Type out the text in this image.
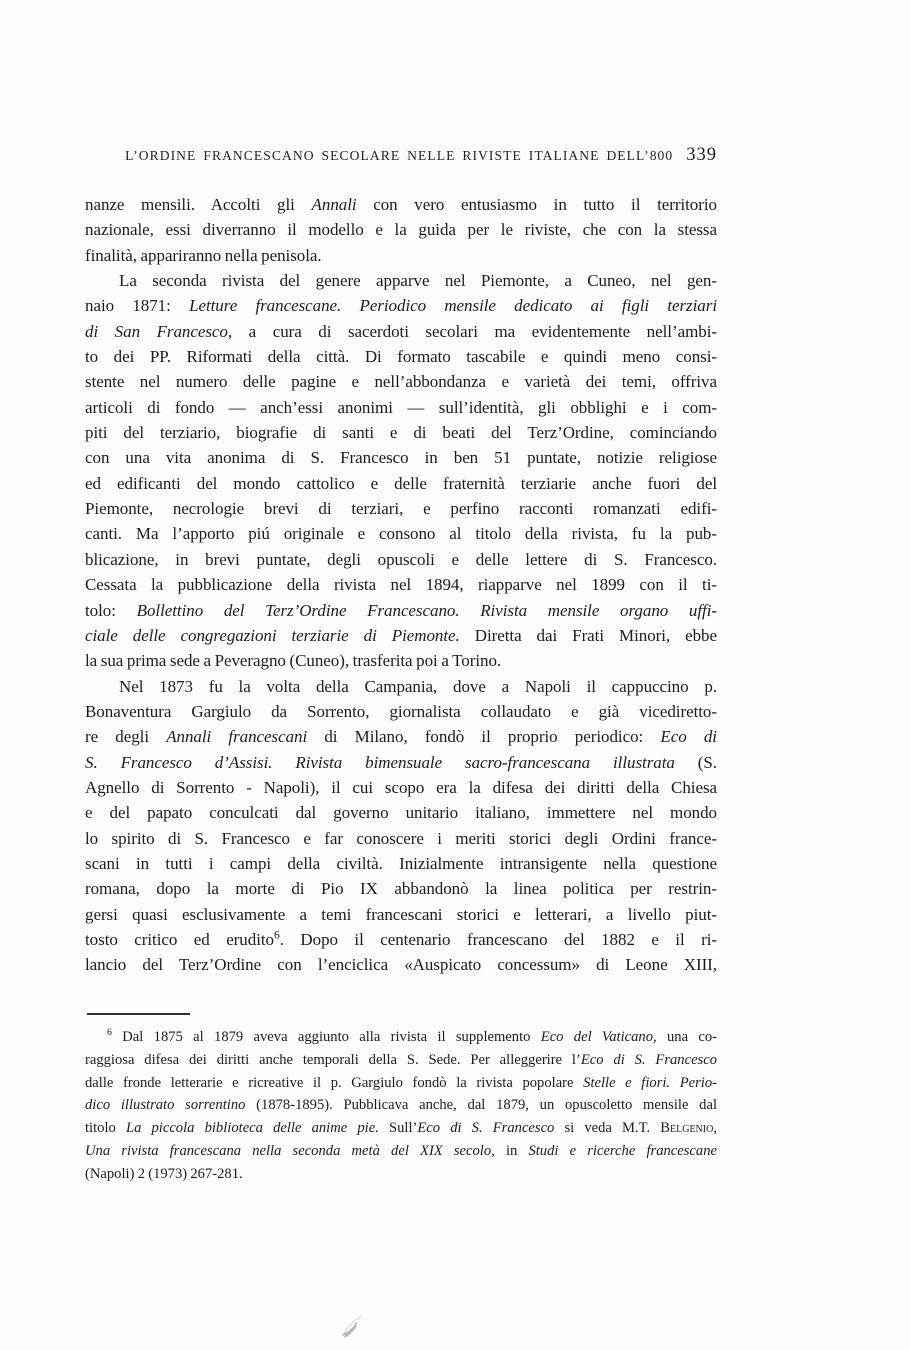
L’ORDINE FRANCESCANO SECOLARE NELLE RIVISTE ITALIANE DELL’800 339
nanze mensili. Accolti gli Annali con vero entusiasmo in tutto il territorio
nazionale, essi diverranno il modello e la guida per le riviste, che con la stessa
finalità, appariranno nella penisola.
La seconda rivista del genere apparve nel Piemonte, a Cuneo, nel gen-
naio 1871: Letture francescane. Periodico mensile dedicato ai figli terziari
di San Francesco, a cura di sacerdoti secolari ma evidentemente nell’ambi-
to dei PP. Riformati della città. Di formato tascabile e quindi meno consi-
stente nel numero delle pagine e nell’abbondanza e varietà dei temi, offriva
articoli di fondo — anch’essi anonimi — sull’identità, gli obblighi e i com-
piti del terziario, biografie di santi e di beati del Terz’Ordine, cominciando
con una vita anonima di S. Francesco in ben 51 puntate, notizie religiose
ed edificanti del mondo cattolico e delle fraternità terziarie anche fuori del
Piemonte, necrologie brevi di terziari, e perfino racconti romanzati edifi-
canti. Ma l’apporto piú originale e consono al titolo della rivista, fu la pub-
blicazione, in brevi puntate, degli opuscoli e delle lettere di S. Francesco.
Cessata la pubblicazione della rivista nel 1894, riapparve nel 1899 con il ti-
tolo: Bollettino del Terz’Ordine Francescano. Rivista mensile organo uffi-
ciale delle congregazioni terziarie di Piemonte. Diretta dai Frati Minori, ebbe
la sua prima sede a Peveragno (Cuneo), trasferita poi a Torino.
Nel 1873 fu la volta della Campania, dove a Napoli il cappuccino p.
Bonaventura Gargiulo da Sorrento, giornalista collaudato e già vicediretto-
re degli Annali francescani di Milano, fondò il proprio periodico: Eco di
S. Francesco d’Assisi. Rivista bimensuale sacro-francescana illustrata (S.
Agnello di Sorrento - Napoli), il cui scopo era la difesa dei diritti della Chiesa
e del papato conculcati dal governo unitario italiano, immettere nel mondo
lo spirito di S. Francesco e far conoscere i meriti storici degli Ordini france-
scani in tutti i campi della civiltà. Inizialmente intransigente nella questione
romana, dopo la morte di Pio IX abbandonò la linea politica per restrin-
gersi quasi esclusivamente a temi francescani storici e letterari, a livello piut-
tosto critico ed erudito$^6$. Dopo il centenario francescano del 1882 e il ri-
lancio del Terz’Ordine con l’enciclica «Auspicato concessum» di Leone XIII,
$^6$ Dal 1875 al 1879 aveva aggiunto alla rivista il supplemento Eco del Vaticano, una co-
raggiosa difesa dei diritti anche temporali della S. Sede. Per alleggerire l’Eco di S. Francesco
dalle fronde letterarie e ricreative il p. Gargiulo fondò la rivista popolare Stelle e fiori. Perio-
dico illustrato sorrentino (1878-1895). Pubblicava anche, dal 1879, un opuscoletto mensile dal
titolo La piccola biblioteca delle anime pie. Sull’Eco di S. Francesco si veda M.T. Belgenio,
Una rivista francescana nella seconda metà del XIX secolo, in Studi e ricerche francescane
(Napoli) 2 (1973) 267-281.
